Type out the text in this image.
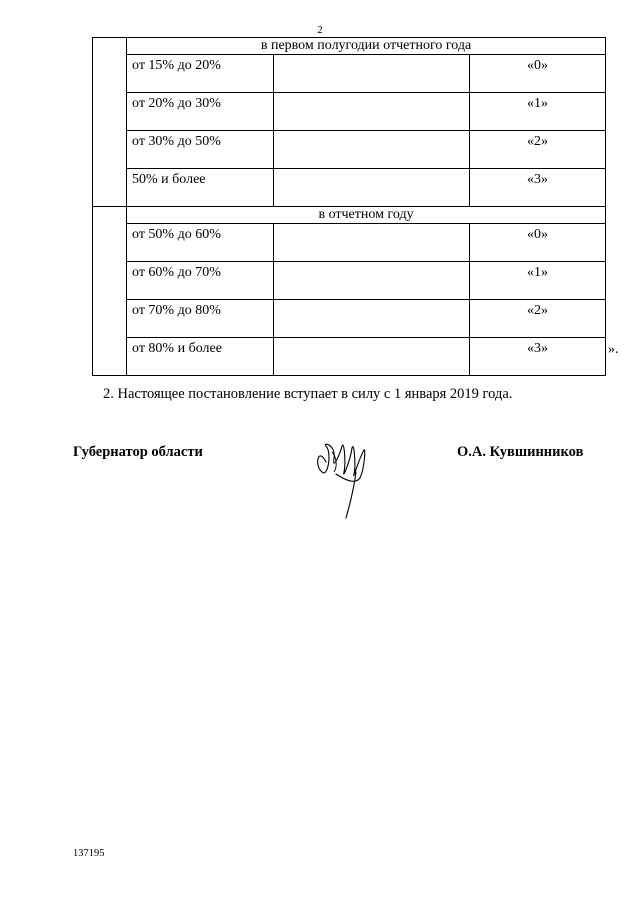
2
	в первом полугодии отчетного года		
	от 15% до 20%		«0»
	от 20% до 30%		«1»
	от 30% до 50%		«2»
	50% и более		«3»
	в отчетном году		
	от 50% до 60%		«0»
	от 60% до 70%		«1»
	от 70% до 80%		«2»
	от 80% и более		«3»	».
2. Настоящее постановление вступает в силу с 1 января 2019 года.
Губернатор области	О.А. Кувшинников
137195
